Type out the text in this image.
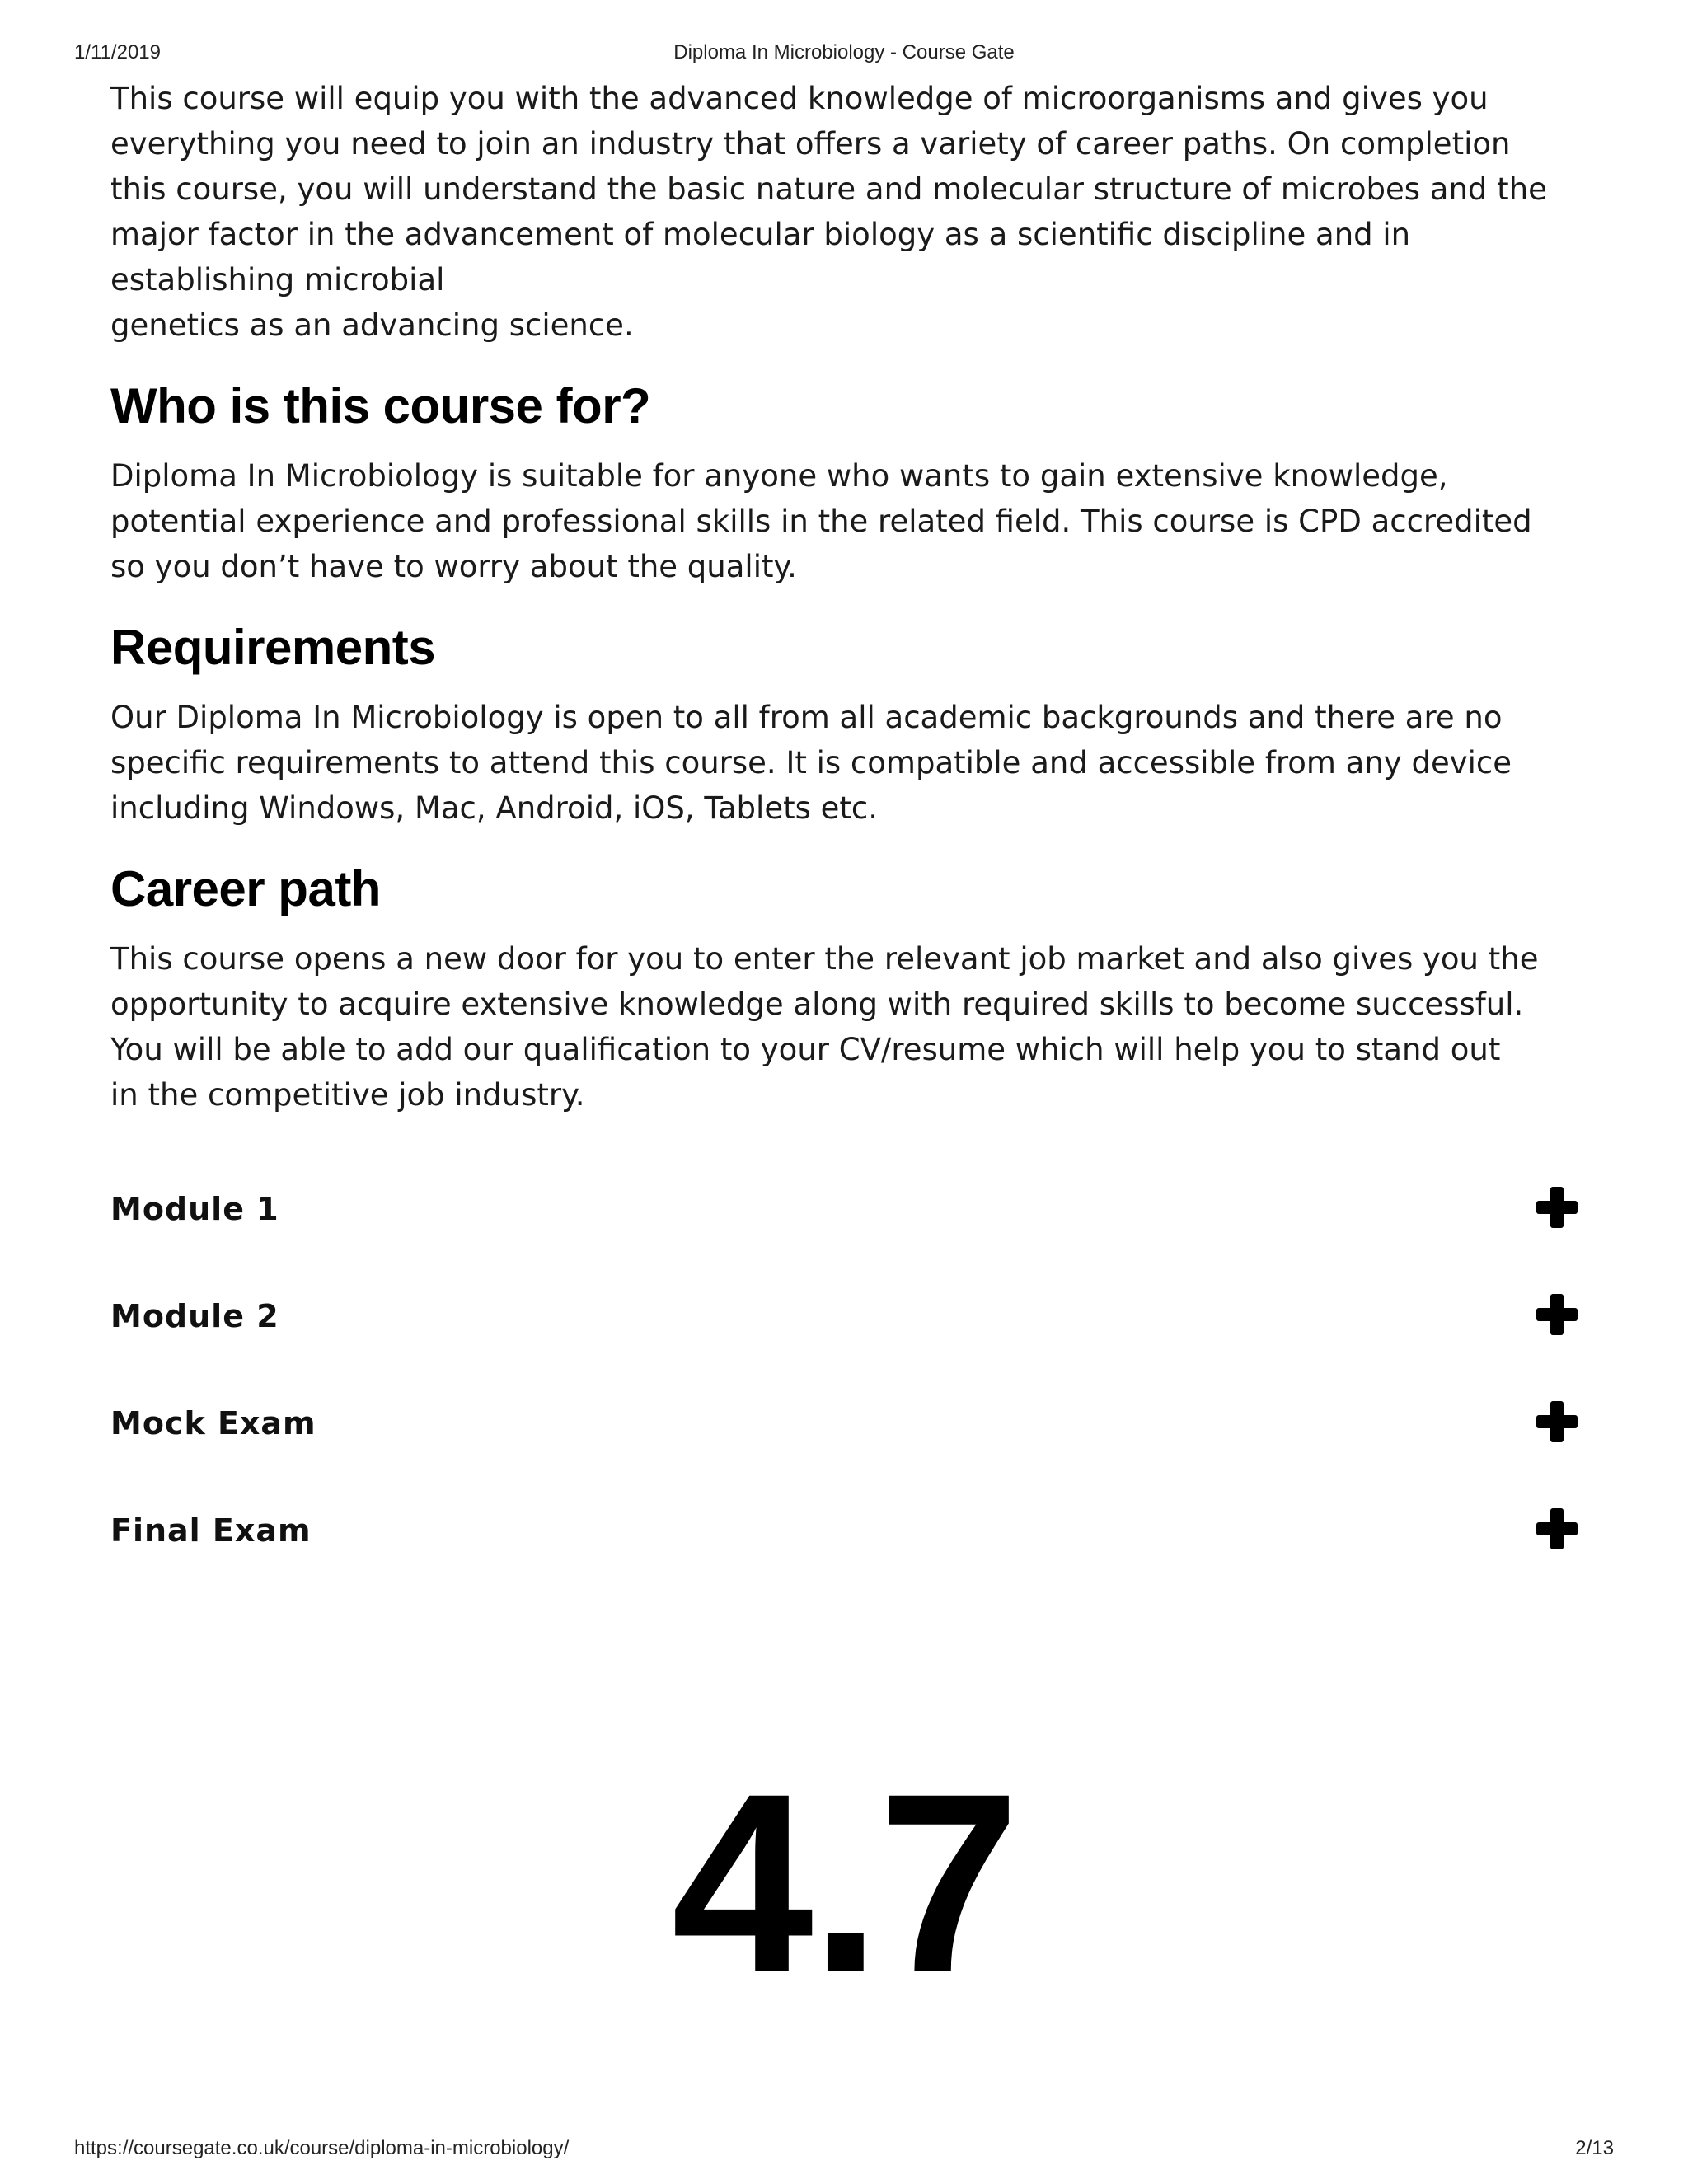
1/11/2019	Diploma In Microbiology - Course Gate

This course will equip you with the advanced knowledge of microorganisms and gives you
everything you need to join an industry that offers a variety of career paths. On completion
this course, you will understand the basic nature and molecular structure of microbes and the
major factor in the advancement of molecular biology as a scientific discipline and in
establishing microbial
genetics as an advancing science.

Who is this course for?

Diploma In Microbiology is suitable for anyone who wants to gain extensive knowledge,
potential experience and professional skills in the related field. This course is CPD accredited
so you don’t have to worry about the quality.

Requirements

Our Diploma In Microbiology is open to all from all academic backgrounds and there are no
specific requirements to attend this course. It is compatible and accessible from any device
including Windows, Mac, Android, iOS, Tablets etc.

Career path

This course opens a new door for you to enter the relevant job market and also gives you the
opportunity to acquire extensive knowledge along with required skills to become successful.
You will be able to add our qualification to your CV/resume which will help you to stand out
in the competitive job industry.

Module 1
Module 2
Mock Exam
Final Exam
4.7
https://coursegate.co.uk/course/diploma-in-microbiology/	2/13
